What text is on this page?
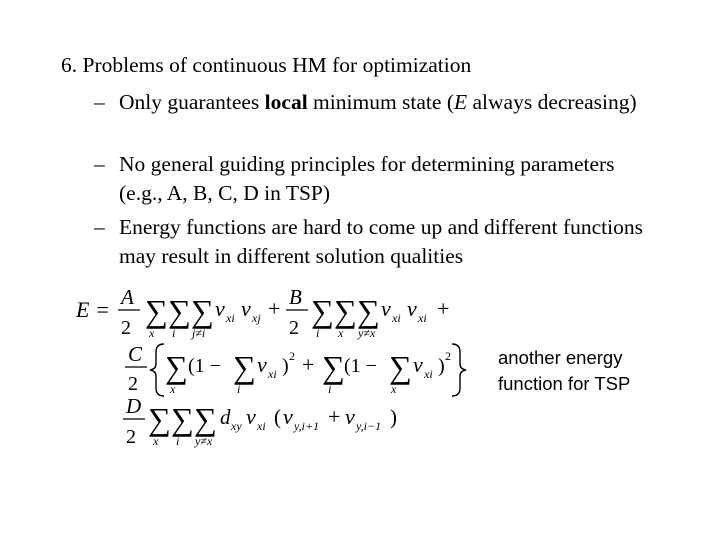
6. Problems of continuous HM for optimization
– Only guarantees local minimum state (E always decreasing)
– No general guiding principles for determining parameters (e.g., A, B, C, D in TSP)
– Energy functions are hard to come up and different functions may result in different solution qualities
E = A
2 ∑ ∑ ∑
x i j≠i
v xi v xj + B
2 ∑ ∑ ∑
i x y≠x
v xi v xi +
C
2 ∑
x
(1 − ∑
i
v xi ) 2 + ∑
i
(1 − ∑
x
v xi ) 2
D
2 ∑ ∑ ∑
x i y≠x
d xy v xi ( v y,i+1 + v y,i−1 )
another energy function for TSP
